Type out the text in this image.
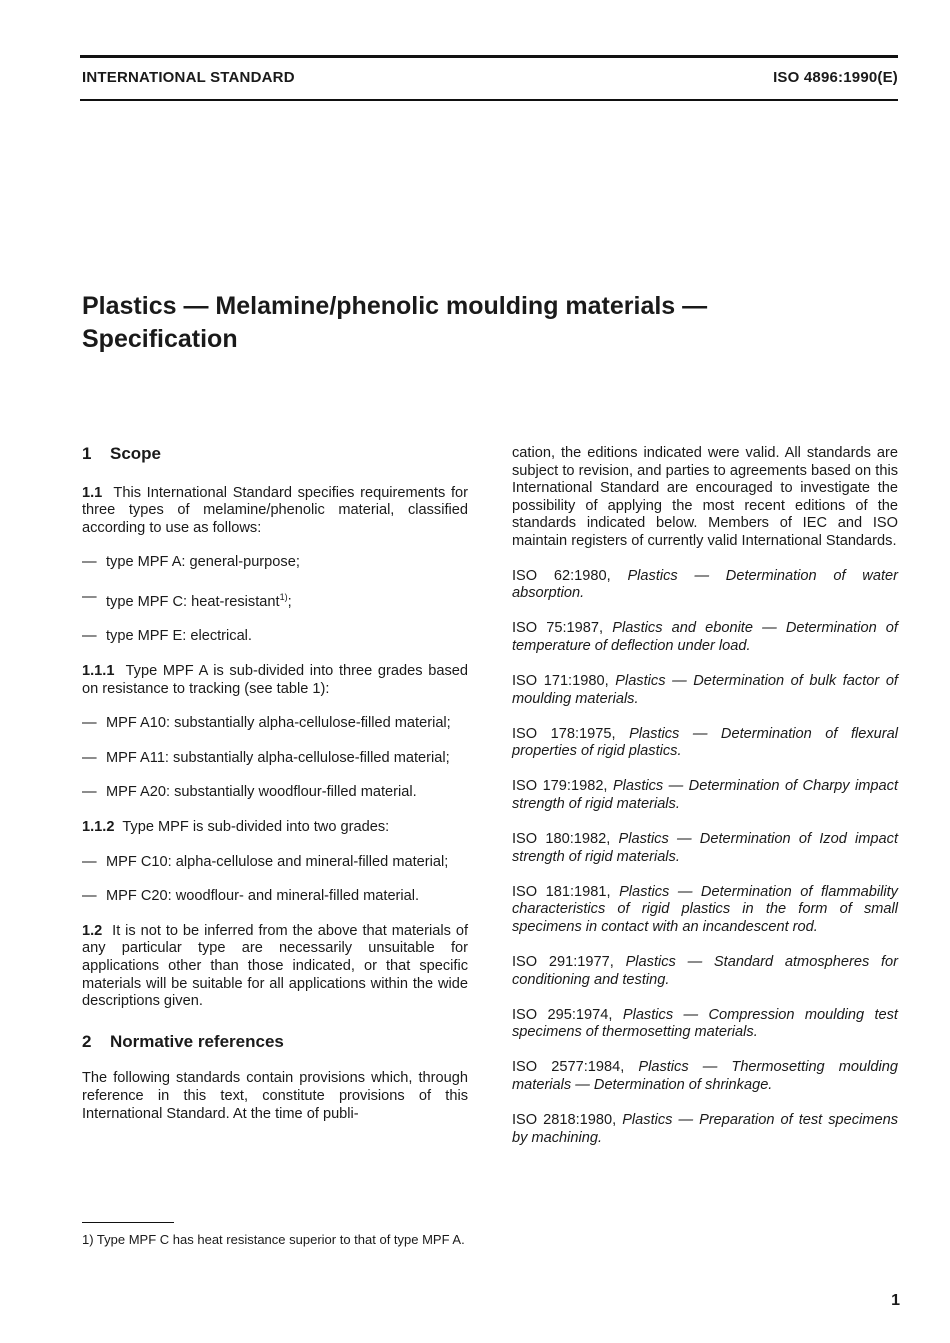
INTERNATIONAL STANDARD	ISO 4896:1990(E)
Plastics — Melamine/phenolic moulding materials —
Specification
1 Scope

1.1 This International Standard specifies requirements for three types of melamine/phenolic material, classified according to use as follows:

— type MPF A: general-purpose;
— type MPF C: heat-resistant$^{1)}$;
— type MPF E: electrical.

1.1.1 Type MPF A is sub-divided into three grades based on resistance to tracking (see table 1):

— MPF A10: substantially alpha-cellulose-filled material;
— MPF A11: substantially alpha-cellulose-filled material;
— MPF A20: substantially woodflour-filled material.

1.1.2 Type MPF is sub-divided into two grades:

— MPF C10: alpha-cellulose and mineral-filled material;
— MPF C20: woodflour- and mineral-filled material.

1.2 It is not to be inferred from the above that materials of any particular type are necessarily unsuitable for applications other than those indicated, or that specific materials will be suitable for all applications within the wide descriptions given.

2 Normative references

The following standards contain provisions which, through reference in this text, constitute provisions of this International Standard. At the time of publi-

cation, the editions indicated were valid. All standards are subject to revision, and parties to agreements based on this International Standard are encouraged to investigate the possibility of applying the most recent editions of the standards indicated below. Members of IEC and ISO maintain registers of currently valid International Standards.

ISO 62:1980, Plastics — Determination of water absorption.

ISO 75:1987, Plastics and ebonite — Determination of temperature of deflection under load.

ISO 171:1980, Plastics — Determination of bulk factor of moulding materials.

ISO 178:1975, Plastics — Determination of flexural properties of rigid plastics.

ISO 179:1982, Plastics — Determination of Charpy impact strength of rigid materials.

ISO 180:1982, Plastics — Determination of Izod impact strength of rigid materials.

ISO 181:1981, Plastics — Determination of flammability characteristics of rigid plastics in the form of small specimens in contact with an incandescent rod.

ISO 291:1977, Plastics — Standard atmospheres for conditioning and testing.

ISO 295:1974, Plastics — Compression moulding test specimens of thermosetting materials.

ISO 2577:1984, Plastics — Thermosetting moulding materials — Determination of shrinkage.

ISO 2818:1980, Plastics — Preparation of test specimens by machining.

1) Type MPF C has heat resistance superior to that of type MPF A.
1
